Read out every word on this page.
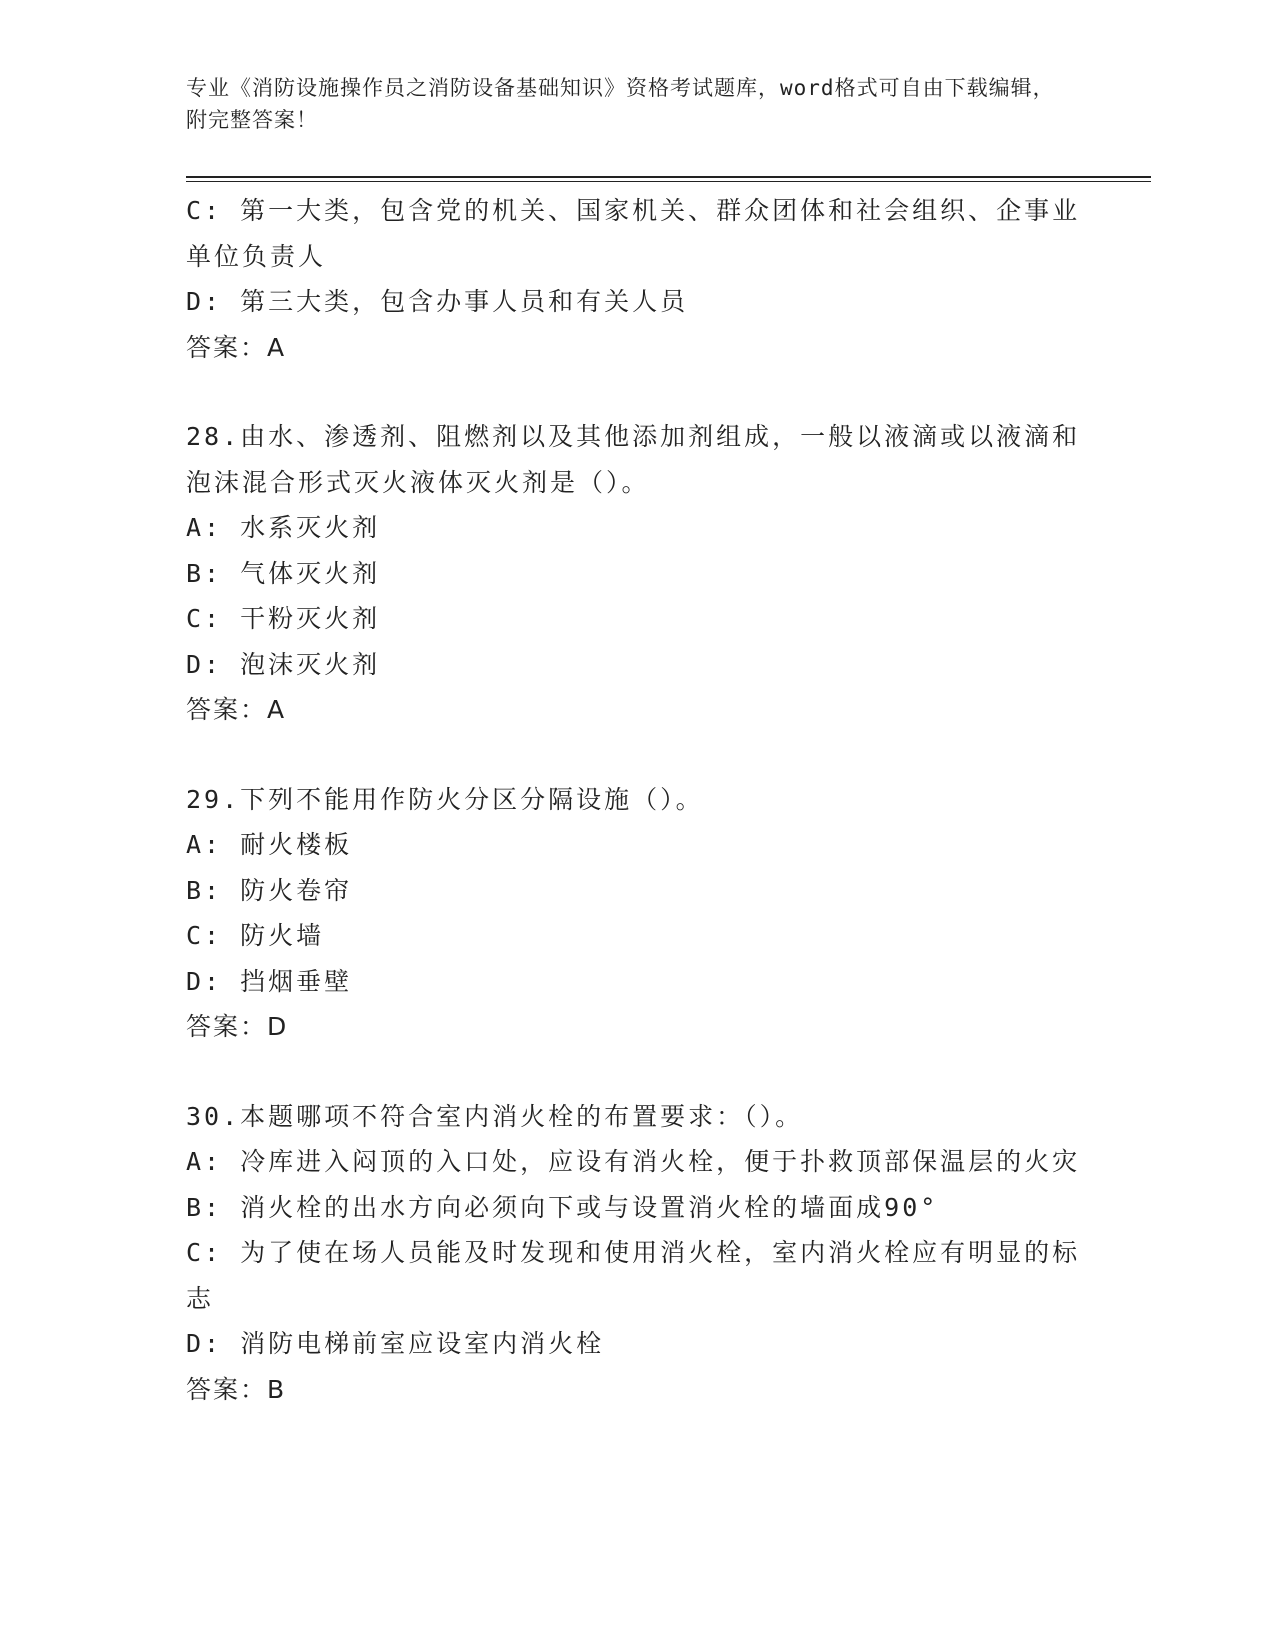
专业《消防设施操作员之消防设备基础知识》资格考试题库，word格式可自由下载编辑，附完整答案！
C: 第一大类，包含党的机关、国家机关、群众团体和社会组织、企事业单位负责人
D: 第三大类，包含办事人员和有关人员
答案：A
28.由水、渗透剂、阻燃剂以及其他添加剂组成，一般以液滴或以液滴和泡沫混合形式灭火液体灭火剂是（）。
A: 水系灭火剂
B: 气体灭火剂
C: 干粉灭火剂
D: 泡沫灭火剂
答案：A
29.下列不能用作防火分区分隔设施（）。
A: 耐火楼板
B: 防火卷帘
C: 防火墙
D: 挡烟垂壁
答案：D
30.本题哪项不符合室内消火栓的布置要求：（）。
A: 冷库进入闷顶的入口处，应设有消火栓，便于扑救顶部保温层的火灾
B: 消火栓的出水方向必须向下或与设置消火栓的墙面成90°
C: 为了使在场人员能及时发现和使用消火栓，室内消火栓应有明显的标志
D: 消防电梯前室应设室内消火栓
答案：B
